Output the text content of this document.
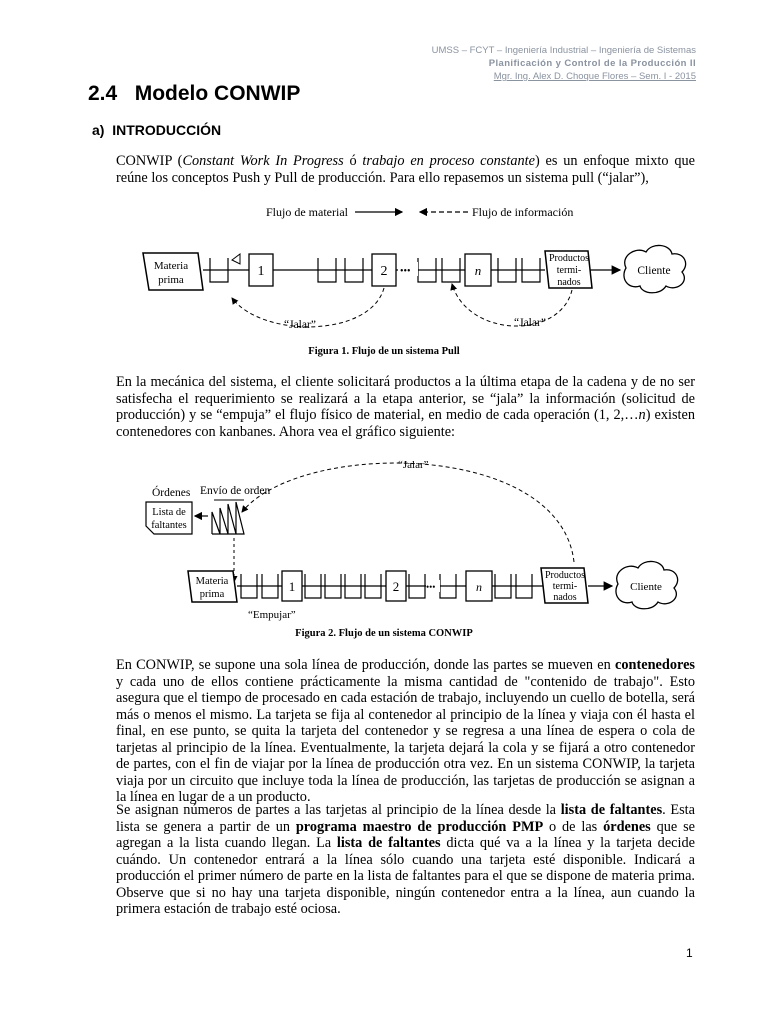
UMSS – FCYT – Ingeniería Industrial – Ingeniería de Sistemas
Planificación y Control de la Producción II
Mgr. Ing. Alex D. Choque Flores – Sem. I - 2015
2.4 Modelo CONWIP
a) INTRODUCCIÓN

CONWIP (Constant Work In Progress ó trabajo en proceso constante) es un enfoque mixto que reúne los conceptos Push y Pull de producción. Para ello repasemos un sistema pull (“jalar”),

Flujo de material	Flujo de información
Materia
prima
1	2 •••	n
Productos
termi-
nados
Cliente
“Jalar”	“Jalar”
Figura 1. Flujo de un sistema Pull

En la mecánica del sistema, el cliente solicitará productos a la última etapa de la cadena y de no ser satisfecha el requerimiento se realizará a la etapa anterior, se “jala” la información (solicitud de producción) y se “empuja” el flujo físico de material, en medio de cada operación (1, 2,…n) existen contenedores con kanbanes. Ahora vea el gráfico siguiente:

“Jalar”
Órdenes Envío de orden
Lista de
faltantes
Materia
prima
1	2	•••	n
Productos
termi-
nados
Cliente
“Empujar”
Figura 2. Flujo de un sistema CONWIP

En CONWIP, se supone una sola línea de producción, donde las partes se mueven en contenedores y cada uno de ellos contiene prácticamente la misma cantidad de "contenido de trabajo". Esto asegura que el tiempo de procesado en cada estación de trabajo, incluyendo un cuello de botella, será más o menos el mismo. La tarjeta se fija al contenedor al principio de la línea y viaja con él hasta el final, en ese punto, se quita la tarjeta del contenedor y se regresa a una línea de espera o cola de tarjetas al principio de la línea. Eventualmente, la tarjeta dejará la cola y se fijará a otro contenedor de partes, con el fin de viajar por la línea de producción otra vez. En un sistema CONWIP, la tarjeta viaja por un circuito que incluye toda la línea de producción, las tarjetas de producción se asignan a la línea en lugar de a un producto.

Se asignan números de partes a las tarjetas al principio de la línea desde la lista de faltantes. Esta lista se genera a partir de un programa maestro de producción PMP o de las órdenes que se agregan a la lista cuando llegan. La lista de faltantes dicta qué va a la línea y la tarjeta decide cuándo. Un contenedor entrará a la línea sólo cuando una tarjeta esté disponible. Indicará a producción el primer número de parte en la lista de faltantes para el que se dispone de materia prima. Observe que si no hay una tarjeta disponible, ningún contenedor entra a la línea, aun cuando la primera estación de trabajo esté ociosa.

1
